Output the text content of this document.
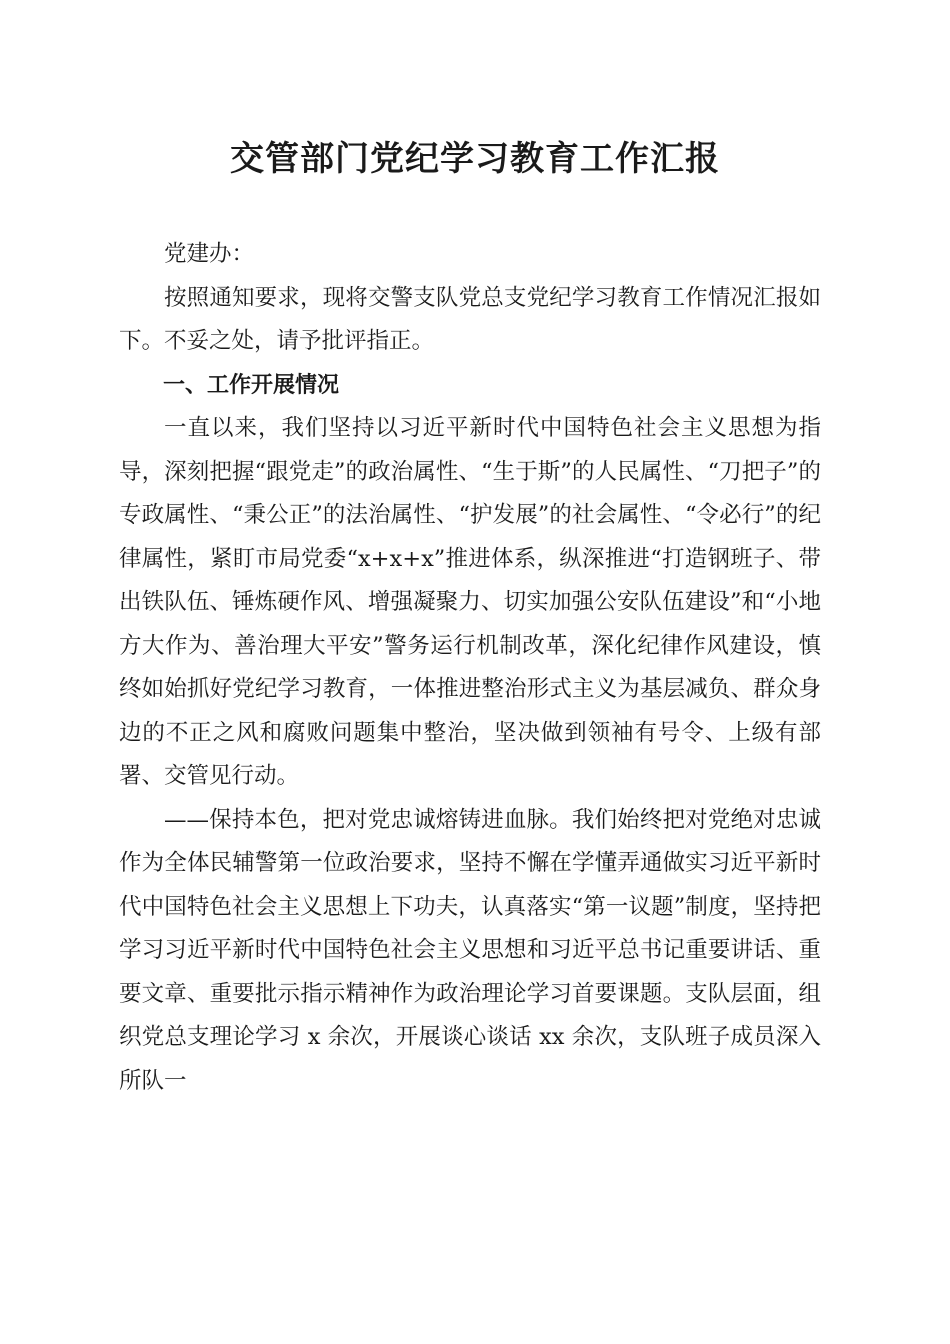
交管部门党纪学习教育工作汇报

党建办：

按照通知要求，现将交警支队党总支党纪学习教育工作情况汇报如下。不妥之处，请予批评指正。

一、工作开展情况

一直以来，我们坚持以习近平新时代中国特色社会主义思想为指导，深刻把握“跟党走”的政治属性、“生于斯”的人民属性、“刀把子”的专政属性、“秉公正”的法治属性、“护发展”的社会属性、“令必行”的纪律属性，紧盯市局党委“x+x+x”推进体系，纵深推进“打造钢班子、带出铁队伍、锤炼硬作风、增强凝聚力、切实加强公安队伍建设”和“小地方大作为、善治理大平安”警务运行机制改革，深化纪律作风建设，慎终如始抓好党纪学习教育，一体推进整治形式主义为基层减负、群众身边的不正之风和腐败问题集中整治，坚决做到领袖有号令、上级有部署、交管见行动。

——保持本色，把对党忠诚熔铸进血脉。我们始终把对党绝对忠诚作为全体民辅警第一位政治要求，坚持不懈在学懂弄通做实习近平新时代中国特色社会主义思想上下功夫，认真落实“第一议题”制度，坚持把学习习近平新时代中国特色社会主义思想和习近平总书记重要讲话、重要文章、重要批示指示精神作为政治理论学习首要课题。支队层面，组织党总支理论学习 x 余次，开展谈心谈话 xx 余次，支队班子成员深入所队一
